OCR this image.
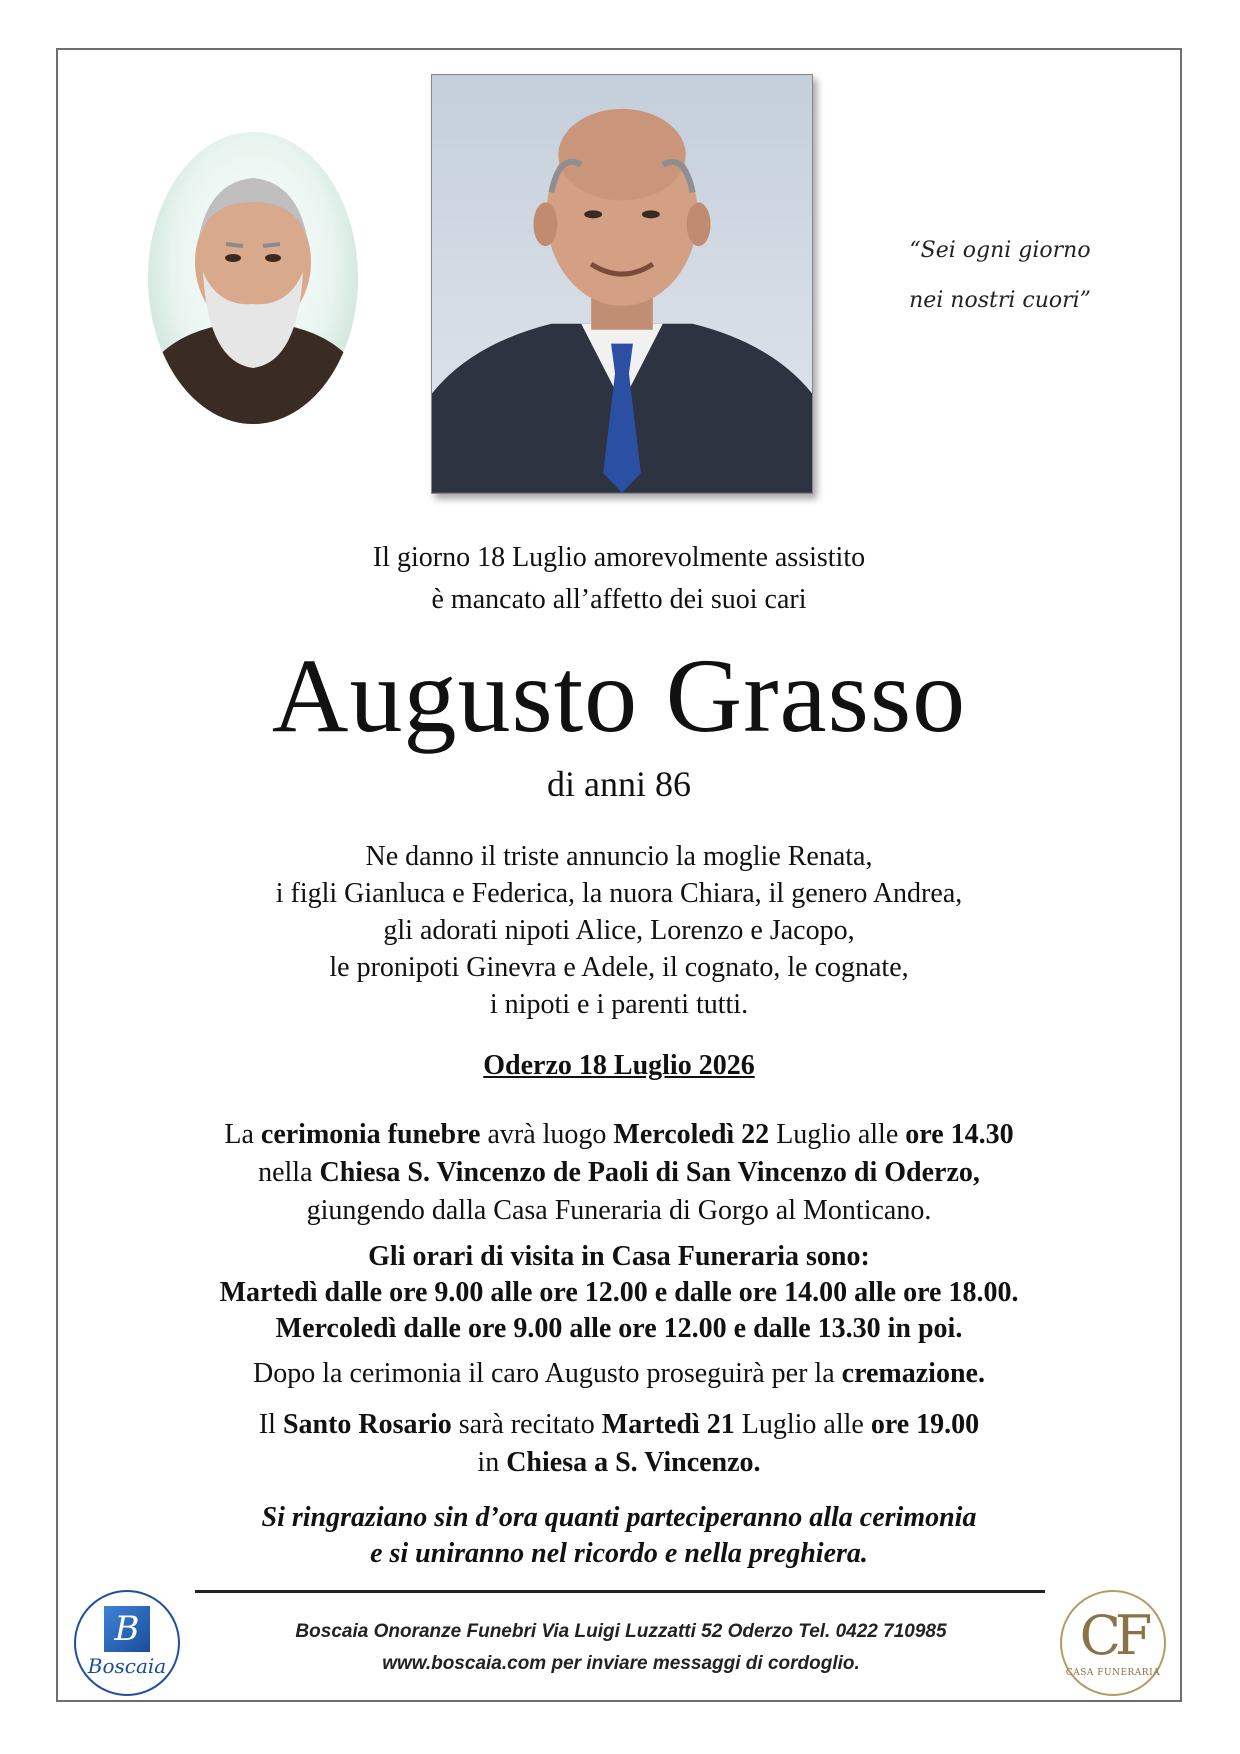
“Sei ogni giorno
nei nostri cuori”
Il giorno 18 Luglio amorevolmente assistito
è mancato all’affetto dei suoi cari
Augusto Grasso
di anni 86
Ne danno il triste annuncio la moglie Renata,
i figli Gianluca e Federica, la nuora Chiara, il genero Andrea,
gli adorati nipoti Alice, Lorenzo e Jacopo,
le pronipoti Ginevra e Adele, il cognato, le cognate,
i nipoti e i parenti tutti.
Oderzo 18 Luglio 2026
La cerimonia funebre avrà luogo Mercoledì 22 Luglio alle ore 14.30
nella Chiesa S. Vincenzo de Paoli di San Vincenzo di Oderzo,
giungendo dalla Casa Funeraria di Gorgo al Monticano.
Gli orari di visita in Casa Funeraria sono:
Martedì dalle ore 9.00 alle ore 12.00 e dalle ore 14.00 alle ore 18.00.
Mercoledì dalle ore 9.00 alle ore 12.00 e dalle 13.30 in poi.
Dopo la cerimonia il caro Augusto proseguirà per la cremazione.
Il Santo Rosario sarà recitato Martedì 21 Luglio alle ore 19.00
in Chiesa a S. Vincenzo.
Si ringraziano sin d’ora quanti parteciperanno alla cerimonia
e si uniranno nel ricordo e nella preghiera.
B
Boscaia
Boscaia Onoranze Funebri Via Luigi Luzzatti 52 Oderzo Tel. 0422 710985
www.boscaia.com per inviare messaggi di cordoglio.	CF
CASA FUNERARIA
